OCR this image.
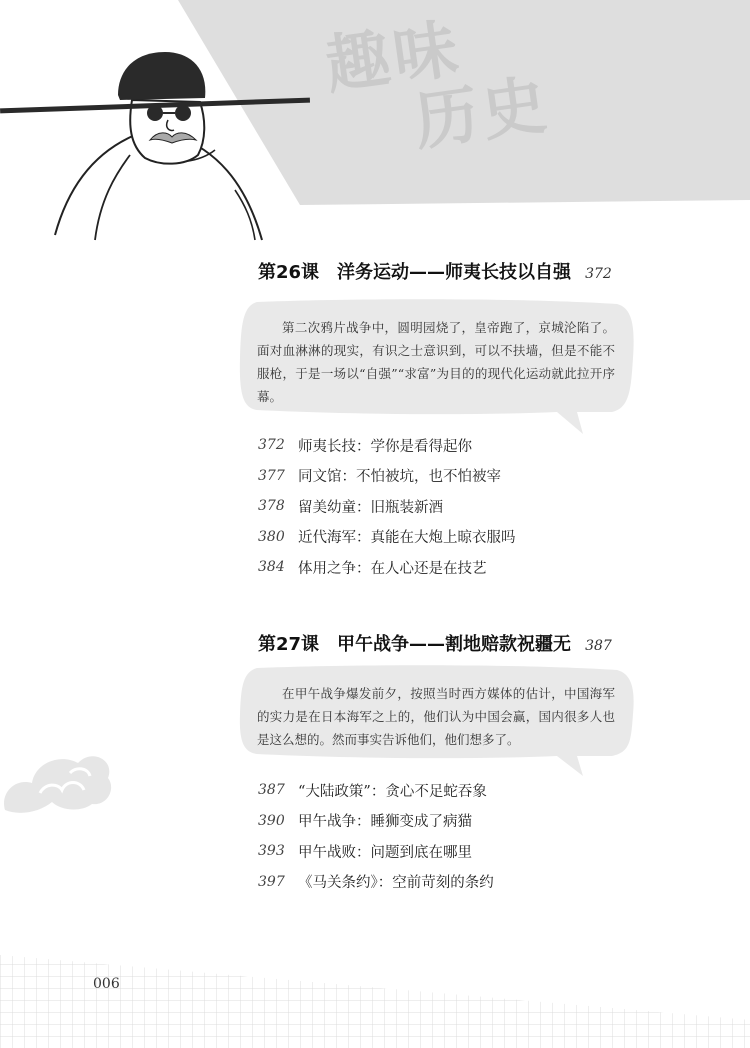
趣味
历史
第26课　洋务运动——师夷长技以自强 372
第二次鸦片战争中，圆明园烧了，皇帝跑了，京城沦陷了。面对血淋淋的现实，有识之士意识到，可以不扶墙，但是不能不服枪，于是一场以“自强”“求富”为目的的现代化运动就此拉开序幕。
372 师夷长技：学你是看得起你
377 同文馆：不怕被坑，也不怕被宰
378 留美幼童：旧瓶装新酒
380 近代海军：真能在大炮上晾衣服吗
384 体用之争：在人心还是在技艺
第27课　甲午战争——割地赔款祝疆无 387
在甲午战争爆发前夕，按照当时西方媒体的估计，中国海军的实力是在日本海军之上的，他们认为中国会赢，国内很多人也是这么想的。然而事实告诉他们，他们想多了。
387 “大陆政策”：贪心不足蛇吞象
390 甲午战争：睡狮变成了病猫
393 甲午战败：问题到底在哪里
397 《马关条约》：空前苛刻的条约
006
